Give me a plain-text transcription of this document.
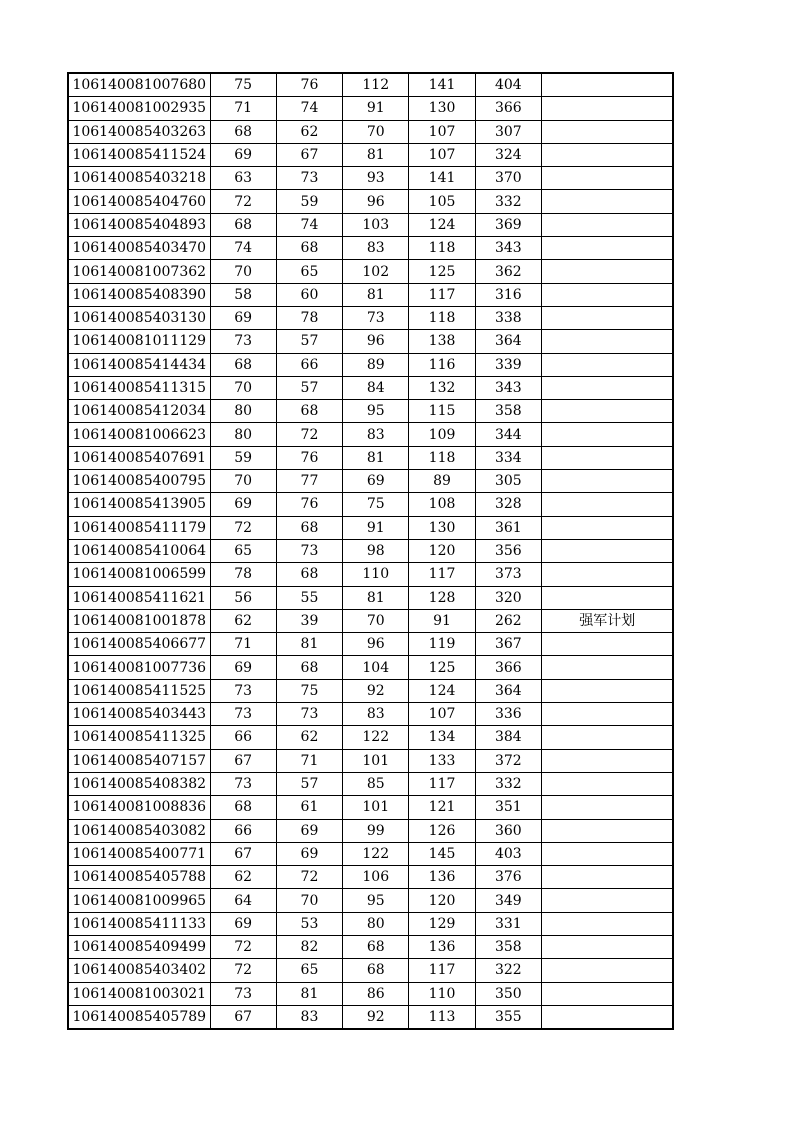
106140081007680	75	76	112	141	404	
106140081002935	71	74	91	130	366	
106140085403263	68	62	70	107	307	
106140085411524	69	67	81	107	324	
106140085403218	63	73	93	141	370	
106140085404760	72	59	96	105	332	
106140085404893	68	74	103	124	369	
106140085403470	74	68	83	118	343	
106140081007362	70	65	102	125	362	
106140085408390	58	60	81	117	316	
106140085403130	69	78	73	118	338	
106140081011129	73	57	96	138	364	
106140085414434	68	66	89	116	339	
106140085411315	70	57	84	132	343	
106140085412034	80	68	95	115	358	
106140081006623	80	72	83	109	344	
106140085407691	59	76	81	118	334	
106140085400795	70	77	69	89	305	
106140085413905	69	76	75	108	328	
106140085411179	72	68	91	130	361	
106140085410064	65	73	98	120	356	
106140081006599	78	68	110	117	373	
106140085411621	56	55	81	128	320	
106140081001878	62	39	70	91	262	强军计划
106140085406677	71	81	96	119	367	
106140081007736	69	68	104	125	366	
106140085411525	73	75	92	124	364	
106140085403443	73	73	83	107	336	
106140085411325	66	62	122	134	384	
106140085407157	67	71	101	133	372	
106140085408382	73	57	85	117	332	
106140081008836	68	61	101	121	351	
106140085403082	66	69	99	126	360	
106140085400771	67	69	122	145	403	
106140085405788	62	72	106	136	376	
106140081009965	64	70	95	120	349	
106140085411133	69	53	80	129	331	
106140085409499	72	82	68	136	358	
106140085403402	72	65	68	117	322	
106140081003021	73	81	86	110	350	
106140085405789	67	83	92	113	355	
